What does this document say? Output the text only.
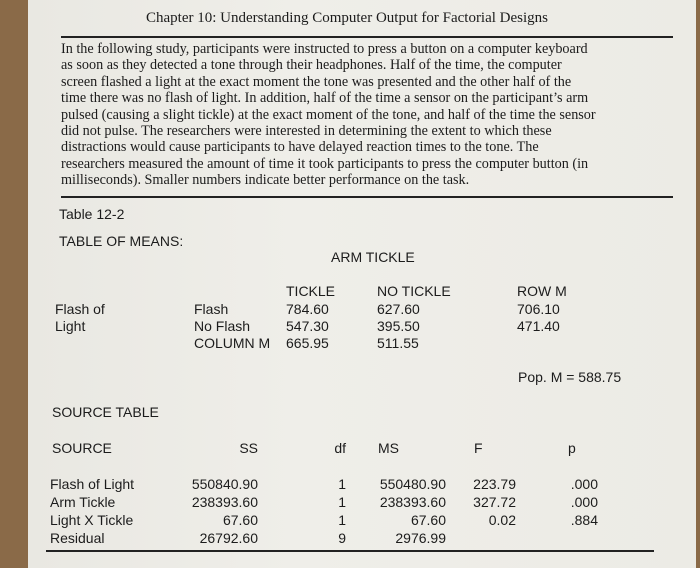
Chapter 10: Understanding Computer Output for Factorial Designs
In the following study, participants were instructed to press a button on a computer keyboard
as soon as they detected a tone through their headphones. Half of the time, the computer
screen flashed a light at the exact moment the tone was presented and the other half of the
time there was no flash of light. In addition, half of the time a sensor on the participant’s arm
pulsed (causing a slight tickle) at the exact moment of the tone, and half of the time the sensor
did not pulse. The researchers were interested in determining the extent to which these
distractions would cause participants to have delayed reaction times to the tone. The
researchers measured the amount of time it took participants to press the computer button (in
milliseconds). Smaller numbers indicate better performance on the task.
Table 12-2
TABLE OF MEANS:
ARM TICKLE
TICKLE	NO TICKLE	ROW M
Flash of
Light
Flash	784.60	627.60	706.10
No Flash	547.30	395.50	471.40
COLUMN M 665.95	511.55
Pop. M = 588.75
SOURCE TABLE
SOURCE	SS	df MS	F	p
Flash of Light	550840.90	1	550480.90	223.79	.000
Arm Tickle	238393.60	1	238393.60	327.72	.000
Light X Tickle	67.60	1	67.60	0.02	.884
Residual	26792.60	9	2976.99
